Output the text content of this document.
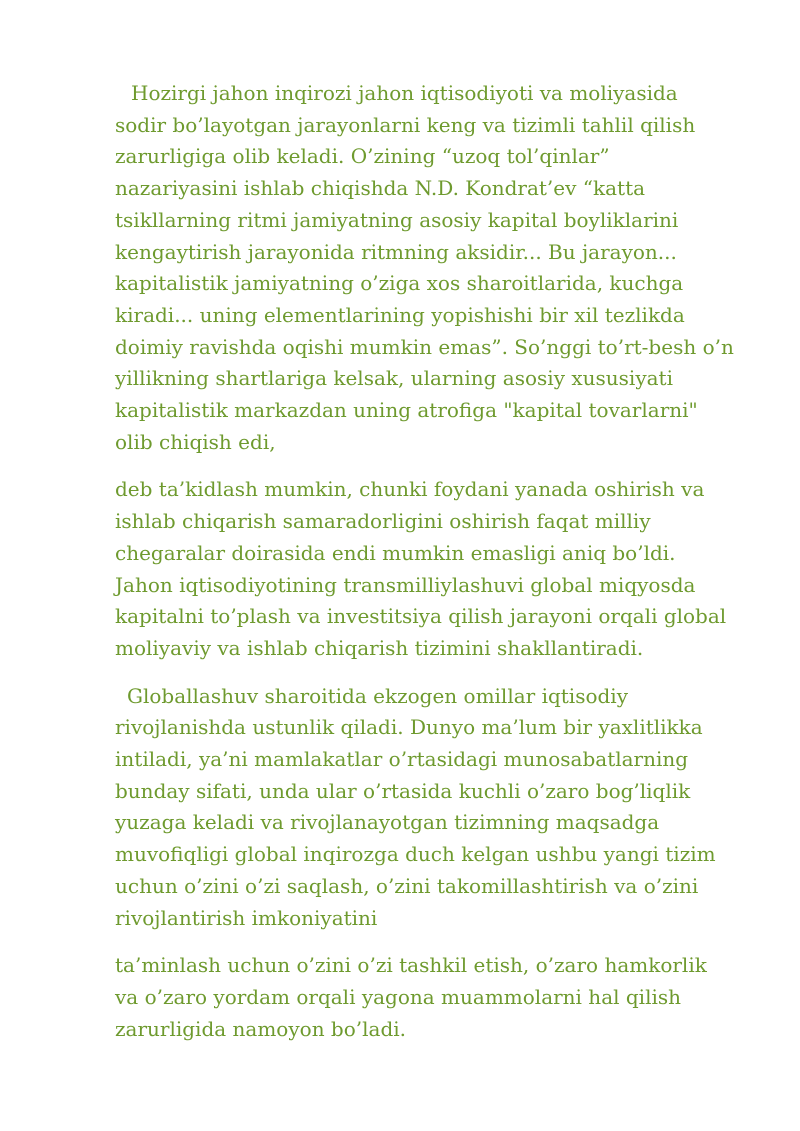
Hozirgi jahon inqirozi jahon iqtisodiyoti va moliyasida
sodir bo’layotgan jarayonlarni keng va tizimli tahlil qilish
zarurligiga olib keladi. O’zining “uzoq tol’qinlar”
nazariyasini ishlab chiqishda N.D. Kondrat’ev “katta
tsikllarning ritmi jamiyatning asosiy kapital boyliklarini
kengaytirish jarayonida ritmning aksidir... Bu jarayon...
kapitalistik jamiyatning o’ziga xos sharoitlarida, kuchga
kiradi... uning elementlarining yopishishi bir xil tezlikda
doimiy ravishda oqishi mumkin emas”. So’nggi to’rt-besh o’n
yillikning shartlariga kelsak, ularning asosiy xususiyati
kapitalistik markazdan uning atrofiga "kapital tovarlarni"
olib chiqish edi,

deb ta’kidlash mumkin, chunki foydani yanada oshirish va
ishlab chiqarish samaradorligini oshirish faqat milliy
chegaralar doirasida endi mumkin emasligi aniq bo’ldi.
Jahon iqtisodiyotining transmilliylashuvi global miqyosda
kapitalni to’plash va investitsiya qilish jarayoni orqali global
moliyaviy va ishlab chiqarish tizimini shakllantiradi.

Globallashuv sharoitida ekzogen omillar iqtisodiy
rivojlanishda ustunlik qiladi. Dunyo ma’lum bir yaxlitlikka
intiladi, ya’ni mamlakatlar o’rtasidagi munosabatlarning
bunday sifati, unda ular o’rtasida kuchli o’zaro bog’liqlik
yuzaga keladi va rivojlanayotgan tizimning maqsadga
muvofiqligi global inqirozga duch kelgan ushbu yangi tizim
uchun o’zini o’zi saqlash, o’zini takomillashtirish va o’zini
rivojlantirish imkoniyatini

ta’minlash uchun o’zini o’zi tashkil etish, o’zaro hamkorlik
va o’zaro yordam orqali yagona muammolarni hal qilish
zarurligida namoyon bo’ladi.
